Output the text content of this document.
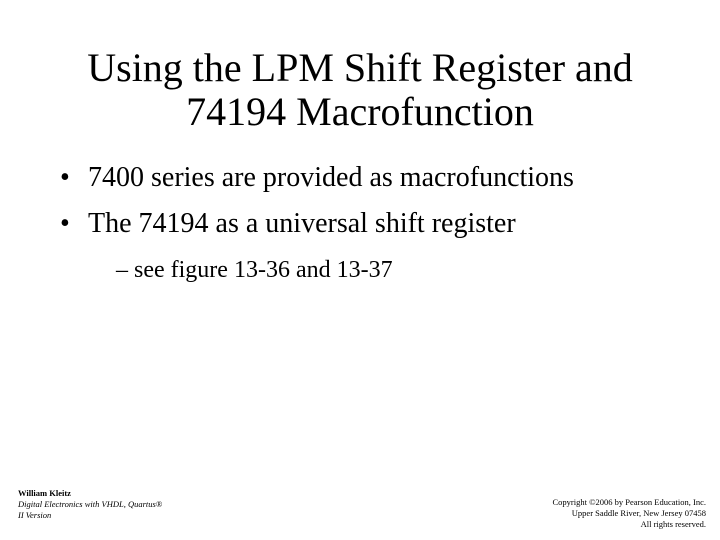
Using the LPM Shift Register and 74194 Macrofunction
• 7400 series are provided as macrofunctions
• The 74194 as a universal shift register
– see figure 13-36 and 13-37
William Kleitz
Digital Electronics with VHDL, Quartus®
II Version
Copyright ©2006 by Pearson Education, Inc.
Upper Saddle River, New Jersey 07458
All rights reserved.
